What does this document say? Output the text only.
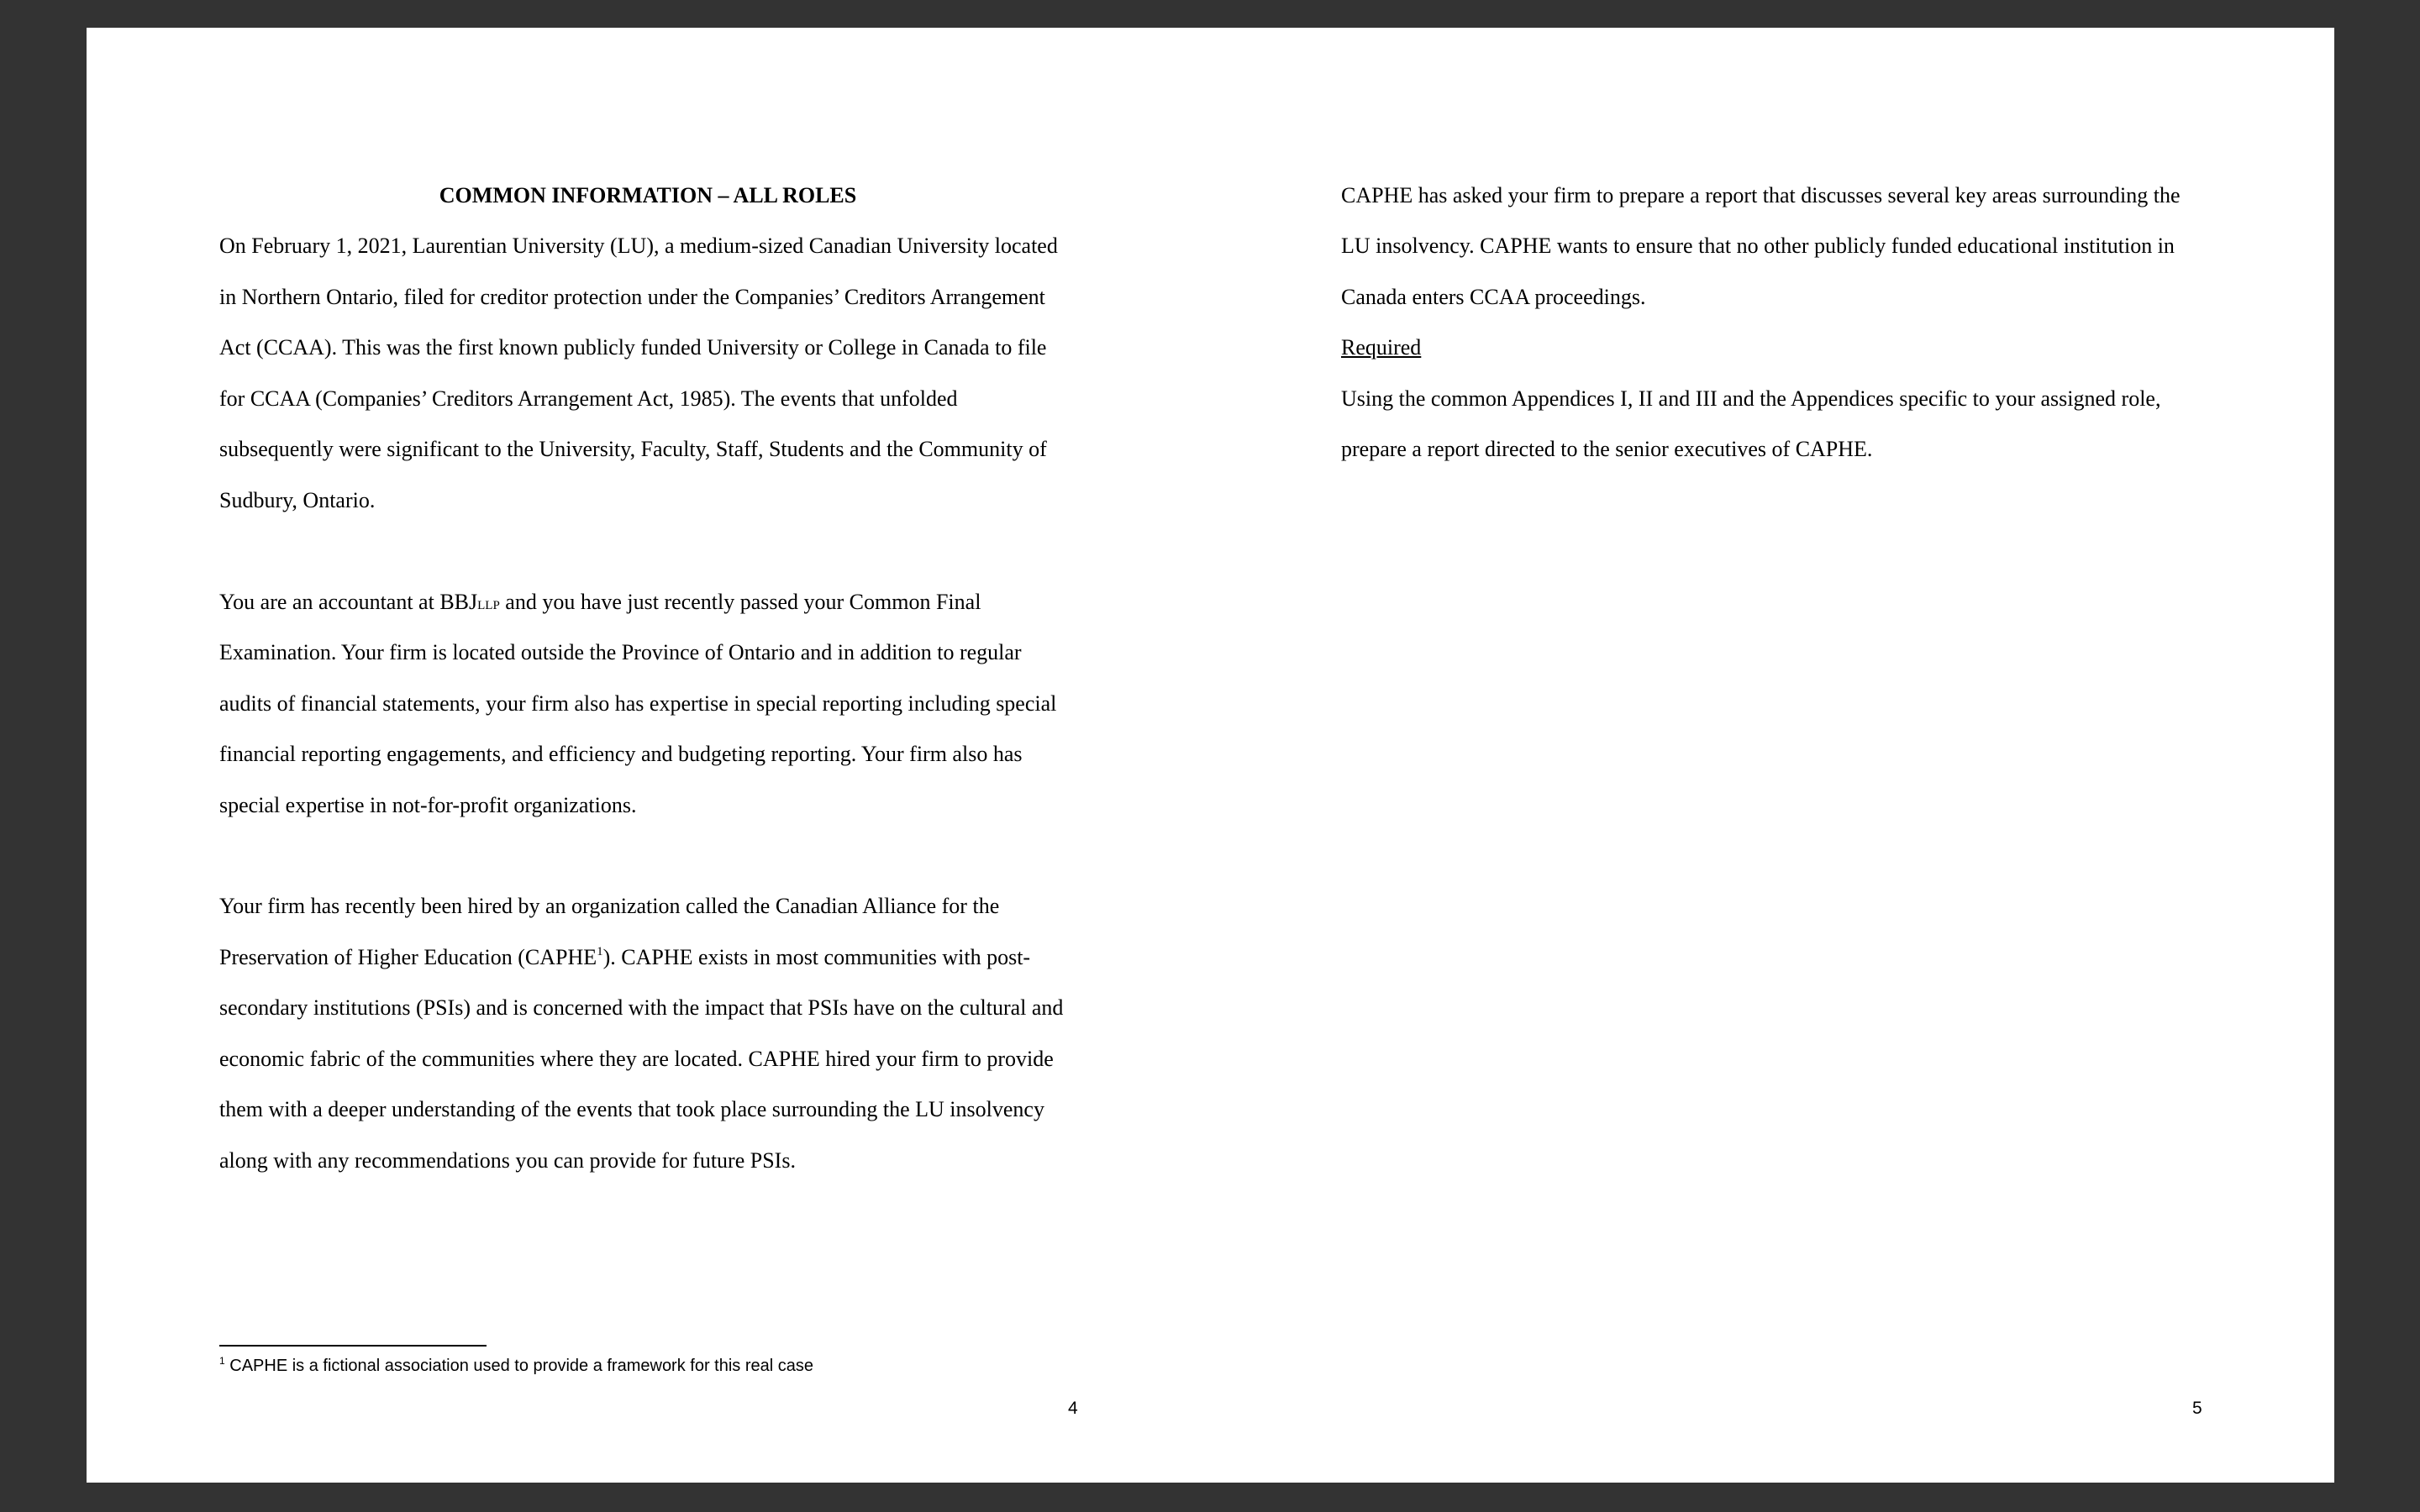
COMMON INFORMATION – ALL ROLES
On February 1, 2021, Laurentian University (LU), a medium-sized Canadian University located
in Northern Ontario, filed for creditor protection under the Companies’ Creditors Arrangement
Act (CCAA). This was the first known publicly funded University or College in Canada to file
for CCAA (Companies’ Creditors Arrangement Act, 1985). The events that unfolded
subsequently were significant to the University, Faculty, Staff, Students and the Community of
Sudbury, Ontario.
You are an accountant at BBJLLP and you have just recently passed your Common Final
Examination. Your firm is located outside the Province of Ontario and in addition to regular
audits of financial statements, your firm also has expertise in special reporting including special
financial reporting engagements, and efficiency and budgeting reporting. Your firm also has
special expertise in not-for-profit organizations.
Your firm has recently been hired by an organization called the Canadian Alliance for the
Preservation of Higher Education (CAPHE$^1$). CAPHE exists in most communities with post-
secondary institutions (PSIs) and is concerned with the impact that PSIs have on the cultural and
economic fabric of the communities where they are located. CAPHE hired your firm to provide
them with a deeper understanding of the events that took place surrounding the LU insolvency
along with any recommendations you can provide for future PSIs.
$^1$ CAPHE is a fictional association used to provide a framework for this real case
4
CAPHE has asked your firm to prepare a report that discusses several key areas surrounding the
LU insolvency. CAPHE wants to ensure that no other publicly funded educational institution in
Canada enters CCAA proceedings.
Required
Using the common Appendices I, II and III and the Appendices specific to your assigned role,
prepare a report directed to the senior executives of CAPHE.
5
